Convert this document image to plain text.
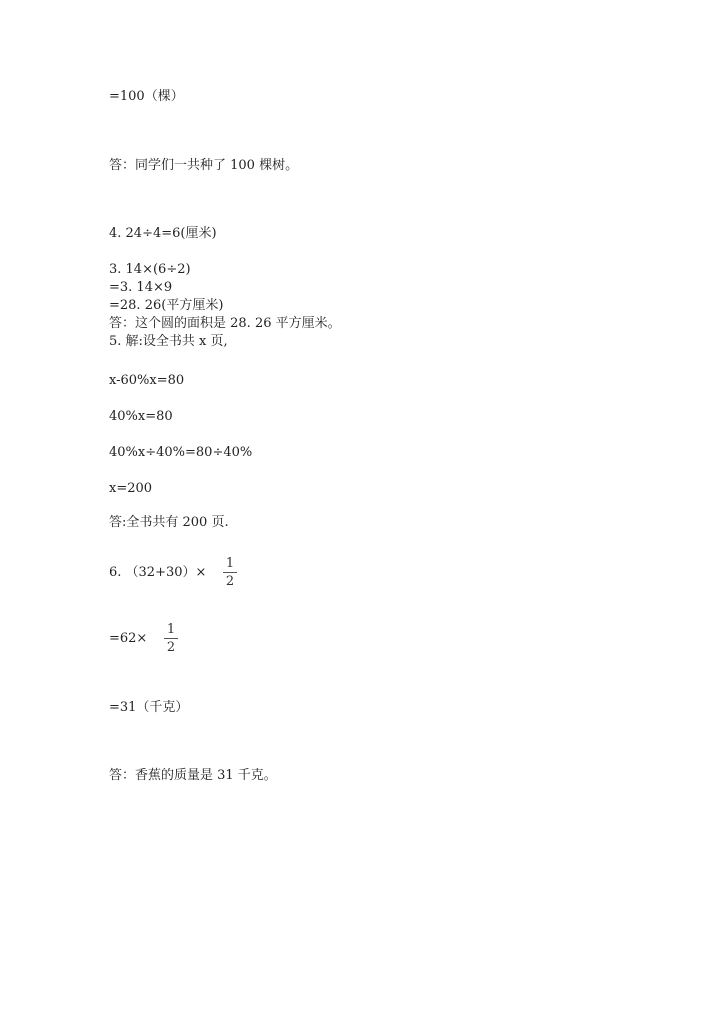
=100（棵）
答：同学们一共种了 100 棵树。
4. 24÷4=6(厘米)
3. 14×(6÷2)
=3. 14×9
=28. 26(平方厘米)
答：这个圆的面积是 28. 26 平方厘米。
5. 解:设全书共 x 页,
x-60%x=80
40%x=80
40%x÷40%=80÷40%
x=200
答:全书共有 200 页.
6. （32+30）×
1
2
=62×
1
2
=31（千克）
答：香蕉的质量是 31 千克。
